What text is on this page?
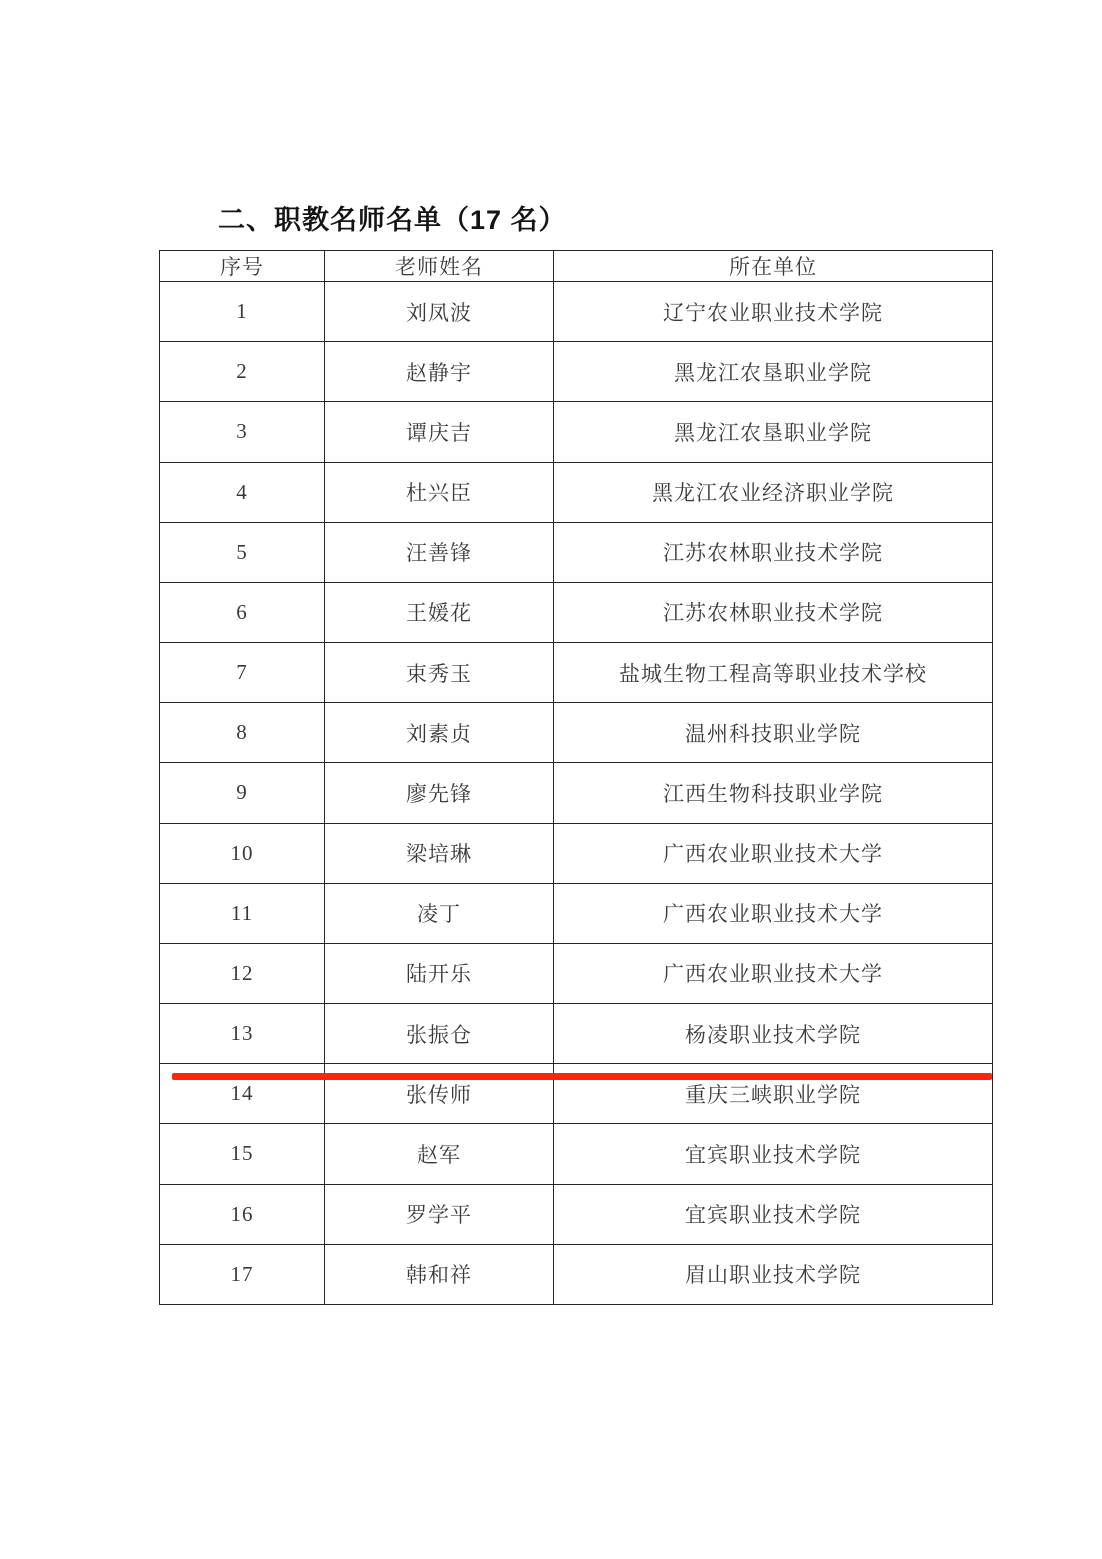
二、职教名师名单（17 名）
序号	老师姓名	所在单位
1	刘凤波	辽宁农业职业技术学院
2	赵静宇	黑龙江农垦职业学院
3	谭庆吉	黑龙江农垦职业学院
4	杜兴臣	黑龙江农业经济职业学院
5	汪善锋	江苏农林职业技术学院
6	王媛花	江苏农林职业技术学院
7	束秀玉	盐城生物工程高等职业技术学校
8	刘素贞	温州科技职业学院
9	廖先锋	江西生物科技职业学院
10	梁培琳	广西农业职业技术大学
11	凌丁	广西农业职业技术大学
12	陆开乐	广西农业职业技术大学
13	张振仓	杨凌职业技术学院
14	张传师	重庆三峡职业学院
15	赵军	宜宾职业技术学院
16	罗学平	宜宾职业技术学院
17	韩和祥	眉山职业技术学院
